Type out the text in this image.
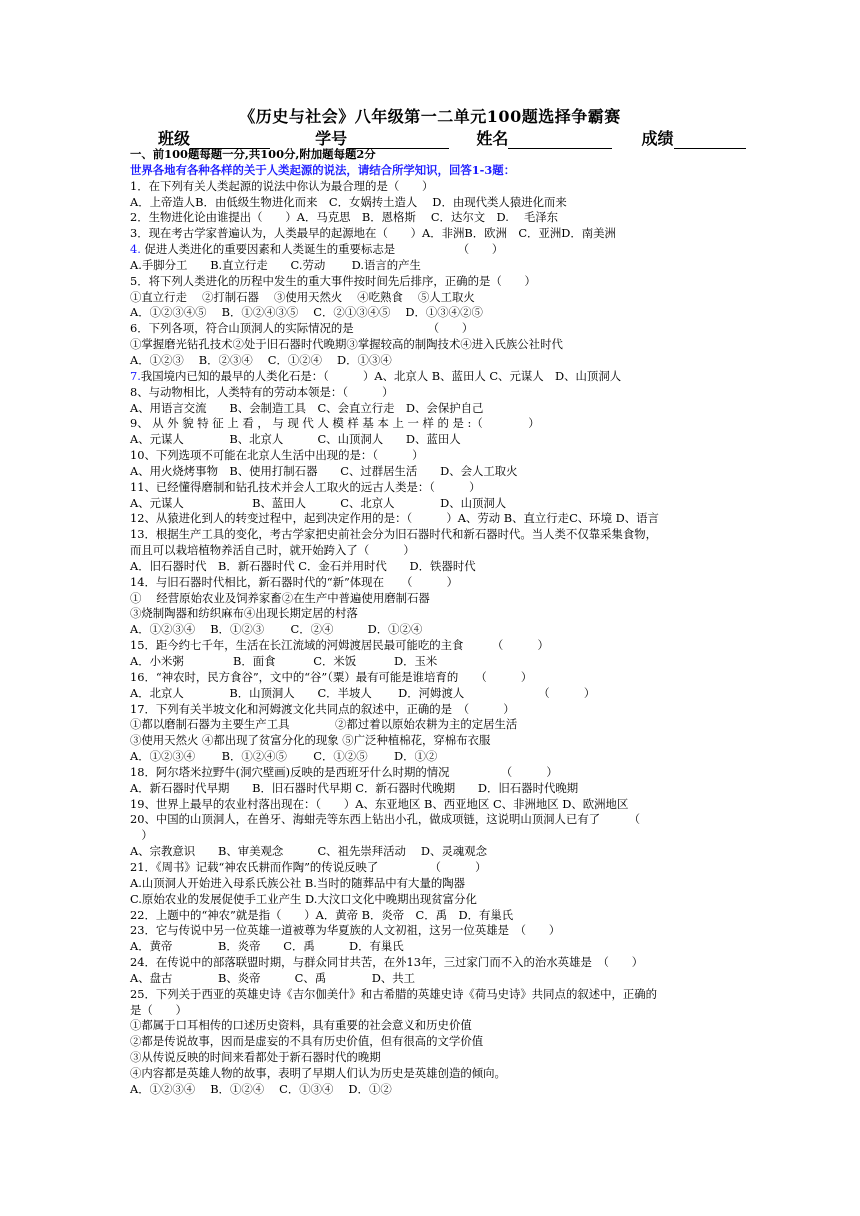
《历史与社会》八年级第一二单元100题选择争霸赛
班级	学号	姓名	成绩
一、前100题每题一分,共100分,附加题每题2分
世界各地有各种各样的关于人类起源的说法，请结合所学知识，回答1-3题：
1．在下列有关人类起源的说法中你认为最合理的是（　　）
A．上帝造人B．由低级生物进化而来　C．女娲抟土造人　 D．由现代类人猿进化而来
2．生物进化论由谁提出（　　）A．马克思　B．恩格斯　 C．达尔文　D.　 毛泽东
3．现在考古学家普遍认为，人类最早的起源地在（　　）A．非洲B．欧洲　C．亚洲D．南美洲
4. 促进人类进化的重要因素和人类诞生的重要标志是　　　　　　（　　）
A.手脚分工　　B.直立行走　　C.劳动　　 D.语言的产生
5．将下列人类进化的历程中发生的重大事件按时间先后排序，正确的是（　　）
①直立行走　 ②打制石器　 ③使用天然火　 ④吃熟食　 ⑤人工取火
A．①②③④⑤　 B．①②④③⑤　 C．②①③④⑤　 D．①③④②⑤
6．下列各项，符合山顶洞人的实际情况的是　　　　　　　（　　）
①掌握磨光钻孔技术②处于旧石器时代晚期③掌握较高的制陶技术④进入氏族公社时代
A．①②③　 B．②③④　 C．①②④　 D．①③④
7.我国境内已知的最早的人类化石是：（　　　）A、北京人 B、蓝田人 C、元谋人　D、山顶洞人
8、与动物相比，人类特有的劳动本领是：（　　　）
A、用语言交流　　B、会制造工具　C、会直立行走　D、会保护自己
9、 从 外 貌 特 征 上 看 ， 与 现 代 人 模 样 基 本 上 一 样 的 是 :（　　　　）
A、元谋人　　　　B、北京人　　　C、山顶洞人　　D、蓝田人
10、下列选项不可能在北京人生活中出现的是：（　　　）
A、用火烧烤事物　B、使用打制石器　　C、过群居生活　　D、会人工取火
11、已经懂得磨制和钻孔技术并会人工取火的远古人类是：（　　　）
A、元谋人　　　　　　B、蓝田人　　　C、北京人　　　　D、山顶洞人
12、从猿进化到人的转变过程中，起到决定作用的是：（　　　）A、劳动 B、直立行走C、环境 D、语言
13．根据生产工具的变化，考古学家把史前社会分为旧石器时代和新石器时代。当人类不仅靠采集食物，
而且可以栽培植物养活自己时，就开始跨入了（　　　）
A．旧石器时代　B．新石器时代 C．金石并用时代　　D．铁器时代
14．与旧石器时代相比，新石器时代的“新”体现在　　（　　　）
①　 经营原始农业及饲养家畜②在生产中普遍使用磨制石器
③烧制陶器和纺织麻布④出现长期定居的村落
A．①②③④　 B．①②③　　 C．②④　　　D．①②④
15．距今约七千年，生活在长江流域的河姆渡居民最可能吃的主食　　　（　　　）
A．小米粥　　　　 B．面食　　　 C．米饭　　　 D．玉米
16．“神农时，民方食谷”，文中的“谷”（粟）最有可能是谁培育的　　（　　　）
A．北京人　　　　B．山顶洞人　　C．半坡人　　 D．河姆渡人　　　　　　　（　　　）
17．下列有关半坡文化和河姆渡文化共同点的叙述中，正确的是　（　　　）
①都以磨制石器为主要生产工具　　　　②都过着以原始农耕为主的定居生活
③使用天然火 ④都出现了贫富分化的现象 ⑤广泛种植棉花，穿棉布衣服
A．①②③④　　 B．①②④⑤　　 C．①②⑤　　 D．①②
18．阿尔塔米拉野牛(洞穴壁画)反映的是西班牙什么时期的情况　　　　　（　　　）
A．新石器时代早期　　B．旧石器时代早期 C．新石器时代晚期　　D．旧石器时代晚期
19、世界上最早的农业村落出现在：（　　）A、东亚地区 B、西亚地区 C、非洲地区 D、欧洲地区
20、中国的山顶洞人，在兽牙、海蚶壳等东西上钻出小孔，做成项链，这说明山顶洞人已有了　　　（
　）
A、宗教意识　　B、审美观念　　　C、祖先崇拜活动　 D、灵魂观念
21．《周书》记载“神农氏耕而作陶”的传说反映了　　　　　（　　　）
A.山顶洞人开始进入母系氏族公社 B.当时的随葬品中有大量的陶器
C.原始农业的发展促使手工业产生 D.大汶口文化中晚期出现贫富分化
22．上题中的“神农”就是指（　　）A．黄帝 B．炎帝　C．禹　D．有巢氏
23．它与传说中另一位英雄一道被尊为华夏族的人文初祖，这另一位英雄是　（　　）
A．黄帝　　　　B．炎帝　　C．禹　　　D．有巢氏
24．在传说中的部落联盟时期，与群众同甘共苦，在外13年，三过家门而不入的治水英雄是　（　　）
A、盘古　　　　B、炎帝　　　C、禹　　　　D、共工
25．下列关于西亚的英雄史诗《吉尔伽美什》和古希腊的英雄史诗《荷马史诗》共同点的叙述中，正确的
是（　　）
①都属于口耳相传的口述历史资料，具有重要的社会意义和历史价值
②都是传说故事，因而是虚妄的不具有历史价值，但有很高的文学价值
③从传说反映的时间来看都处于新石器时代的晚期
④内容都是英雄人物的故事，表明了早期人们认为历史是英雄创造的倾向。
A．①②③④　 B．①②④　 C．①③④　 D．①②
